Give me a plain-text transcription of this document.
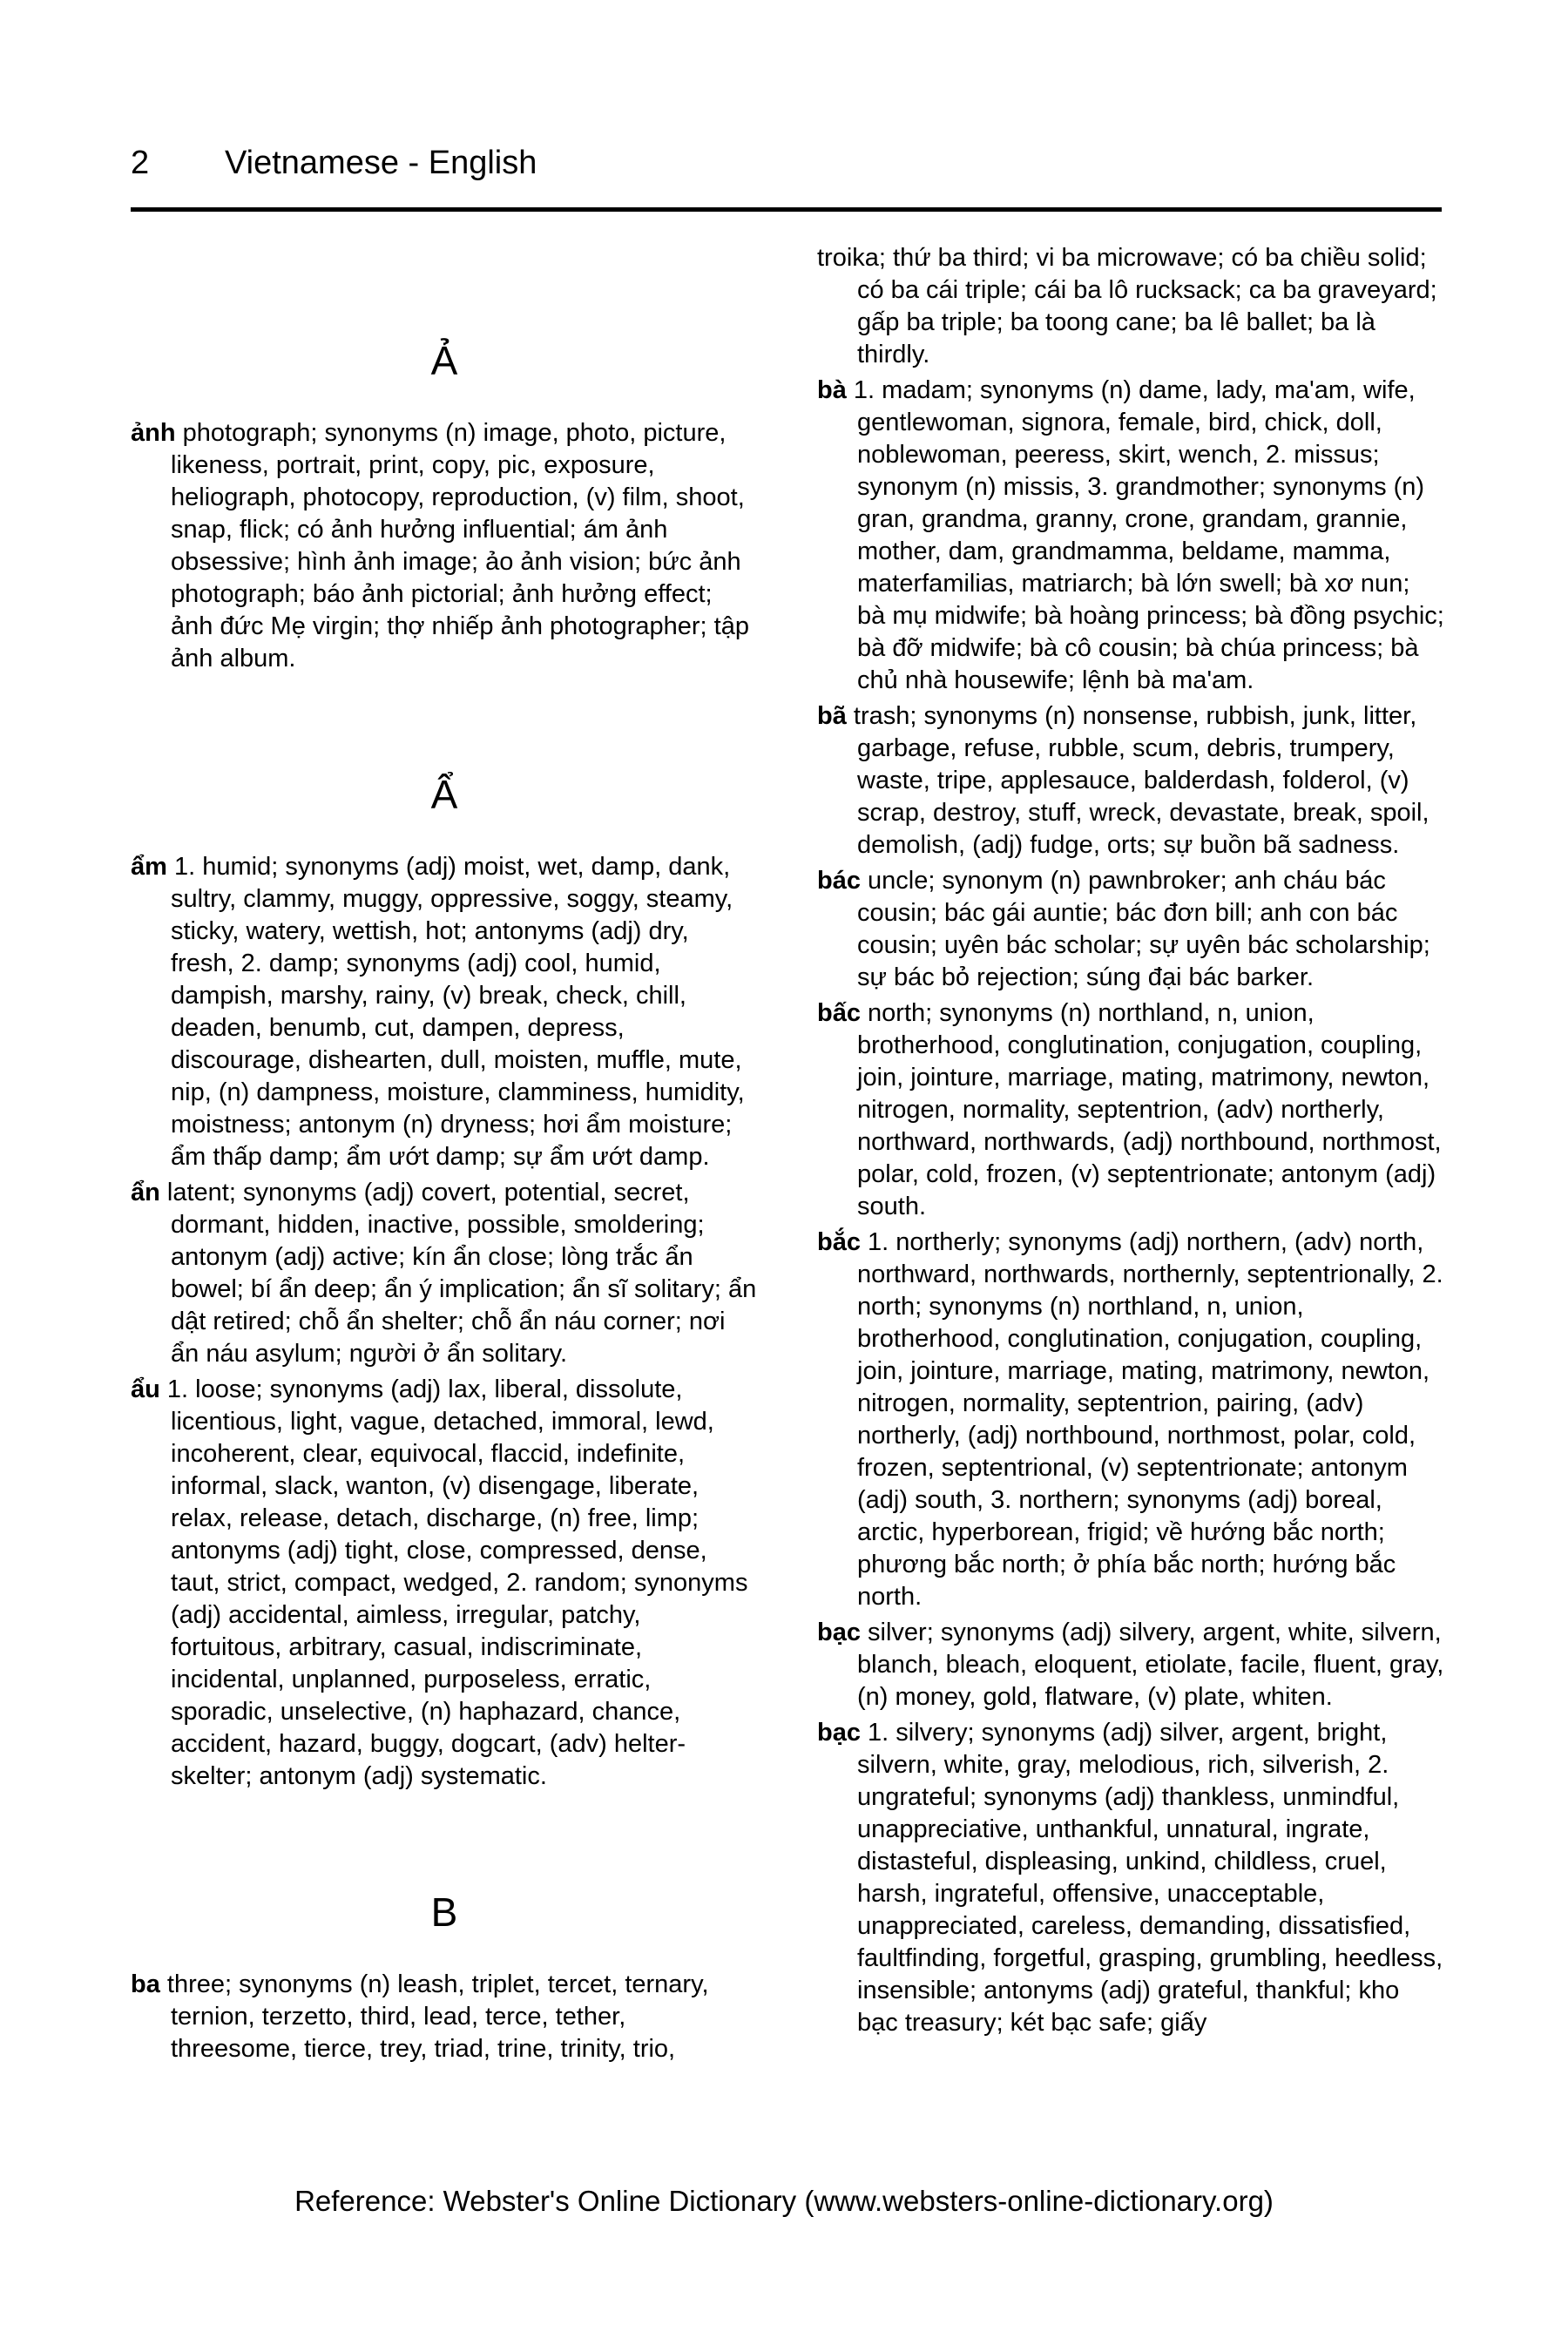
2 Vietnamese - English
Ả
ảnh photograph; synonyms (n) image, photo, picture, likeness, portrait, print, copy, pic, exposure, heliograph, photocopy, reproduction, (v) film, shoot, snap, flick; có ảnh hưởng influential; ám ảnh obsessive; hình ảnh image; ảo ảnh vision; bức ảnh photograph; báo ảnh pictorial; ảnh hưởng effect; ảnh đức Mẹ virgin; thợ nhiếp ảnh photographer; tập ảnh album.
Ẩ
ẩm 1. humid; synonyms (adj) moist, wet, damp, dank, sultry, clammy, muggy, oppressive, soggy, steamy, sticky, watery, wettish, hot; antonyms (adj) dry, fresh, 2. damp; synonyms (adj) cool, humid, dampish, marshy, rainy, (v) break, check, chill, deaden, benumb, cut, dampen, depress, discourage, dishearten, dull, moisten, muffle, mute, nip, (n) dampness, moisture, clamminess, humidity, moistness; antonym (n) dryness; hơi ẩm moisture; ẩm thấp damp; ẩm ướt damp; sự ẩm ướt damp.
ẩn latent; synonyms (adj) covert, potential, secret, dormant, hidden, inactive, possible, smoldering; antonym (adj) active; kín ẩn close; lòng trắc ẩn bowel; bí ẩn deep; ẩn ý implication; ẩn sĩ solitary; ẩn dật retired; chỗ ẩn shelter; chỗ ẩn náu corner; nơi ẩn náu asylum; người ở ẩn solitary.
ẩu 1. loose; synonyms (adj) lax, liberal, dissolute, licentious, light, vague, detached, immoral, lewd, incoherent, clear, equivocal, flaccid, indefinite, informal, slack, wanton, (v) disengage, liberate, relax, release, detach, discharge, (n) free, limp; antonyms (adj) tight, close, compressed, dense, taut, strict, compact, wedged, 2. random; synonyms (adj) accidental, aimless, irregular, patchy, fortuitous, arbitrary, casual, indiscriminate, incidental, unplanned, purposeless, erratic, sporadic, unselective, (n) haphazard, chance, accident, hazard, buggy, dogcart, (adv) helter-skelter; antonym (adj) systematic.
B
ba three; synonyms (n) leash, triplet, tercet, ternary, ternion, terzetto, third, lead, terce, tether, threesome, tierce, trey, triad, trine, trinity, trio,
troika; thứ ba third; vi ba microwave; có ba chiều solid; có ba cái triple; cái ba lô rucksack; ca ba graveyard; gấp ba triple; ba toong cane; ba lê ballet; ba là thirdly.
bà 1. madam; synonyms (n) dame, lady, ma'am, wife, gentlewoman, signora, female, bird, chick, doll, noblewoman, peeress, skirt, wench, 2. missus; synonym (n) missis, 3. grandmother; synonyms (n) gran, grandma, granny, crone, grandam, grannie, mother, dam, grandmamma, beldame, mamma, materfamilias, matriarch; bà lớn swell; bà xơ nun; bà mụ midwife; bà hoàng princess; bà đồng psychic; bà đỡ midwife; bà cô cousin; bà chúa princess; bà chủ nhà housewife; lệnh bà ma'am.
bã trash; synonyms (n) nonsense, rubbish, junk, litter, garbage, refuse, rubble, scum, debris, trumpery, waste, tripe, applesauce, balderdash, folderol, (v) scrap, destroy, stuff, wreck, devastate, break, spoil, demolish, (adj) fudge, orts; sự buồn bã sadness.
bác uncle; synonym (n) pawnbroker; anh cháu bác cousin; bác gái auntie; bác đơn bill; anh con bác cousin; uyên bác scholar; sự uyên bác scholarship; sự bác bỏ rejection; súng đại bác barker.
bấc north; synonyms (n) northland, n, union, brotherhood, conglutination, conjugation, coupling, join, jointure, marriage, mating, matrimony, newton, nitrogen, normality, septentrion, (adv) northerly, northward, northwards, (adj) northbound, northmost, polar, cold, frozen, (v) septentrionate; antonym (adj) south.
bắc 1. northerly; synonyms (adj) northern, (adv) north, northward, northwards, northernly, septentrionally, 2. north; synonyms (n) northland, n, union, brotherhood, conglutination, conjugation, coupling, join, jointure, marriage, mating, matrimony, newton, nitrogen, normality, septentrion, pairing, (adv) northerly, (adj) northbound, northmost, polar, cold, frozen, septentrional, (v) septentrionate; antonym (adj) south, 3. northern; synonyms (adj) boreal, arctic, hyperborean, frigid; về hướng bắc north; phương bắc north; ở phía bắc north; hướng bắc north.
bạc silver; synonyms (adj) silvery, argent, white, silvern, blanch, bleach, eloquent, etiolate, facile, fluent, gray, (n) money, gold, flatware, (v) plate, whiten.
bạc 1. silvery; synonyms (adj) silver, argent, bright, silvern, white, gray, melodious, rich, silverish, 2. ungrateful; synonyms (adj) thankless, unmindful, unappreciative, unthankful, unnatural, ingrate, distasteful, displeasing, unkind, childless, cruel, harsh, ingrateful, offensive, unacceptable, unappreciated, careless, demanding, dissatisfied, faultfinding, forgetful, grasping, grumbling, heedless, insensible; antonyms (adj) grateful, thankful; kho bạc treasury; két bạc safe; giấy
Reference: Webster's Online Dictionary (www.websters-online-dictionary.org)
